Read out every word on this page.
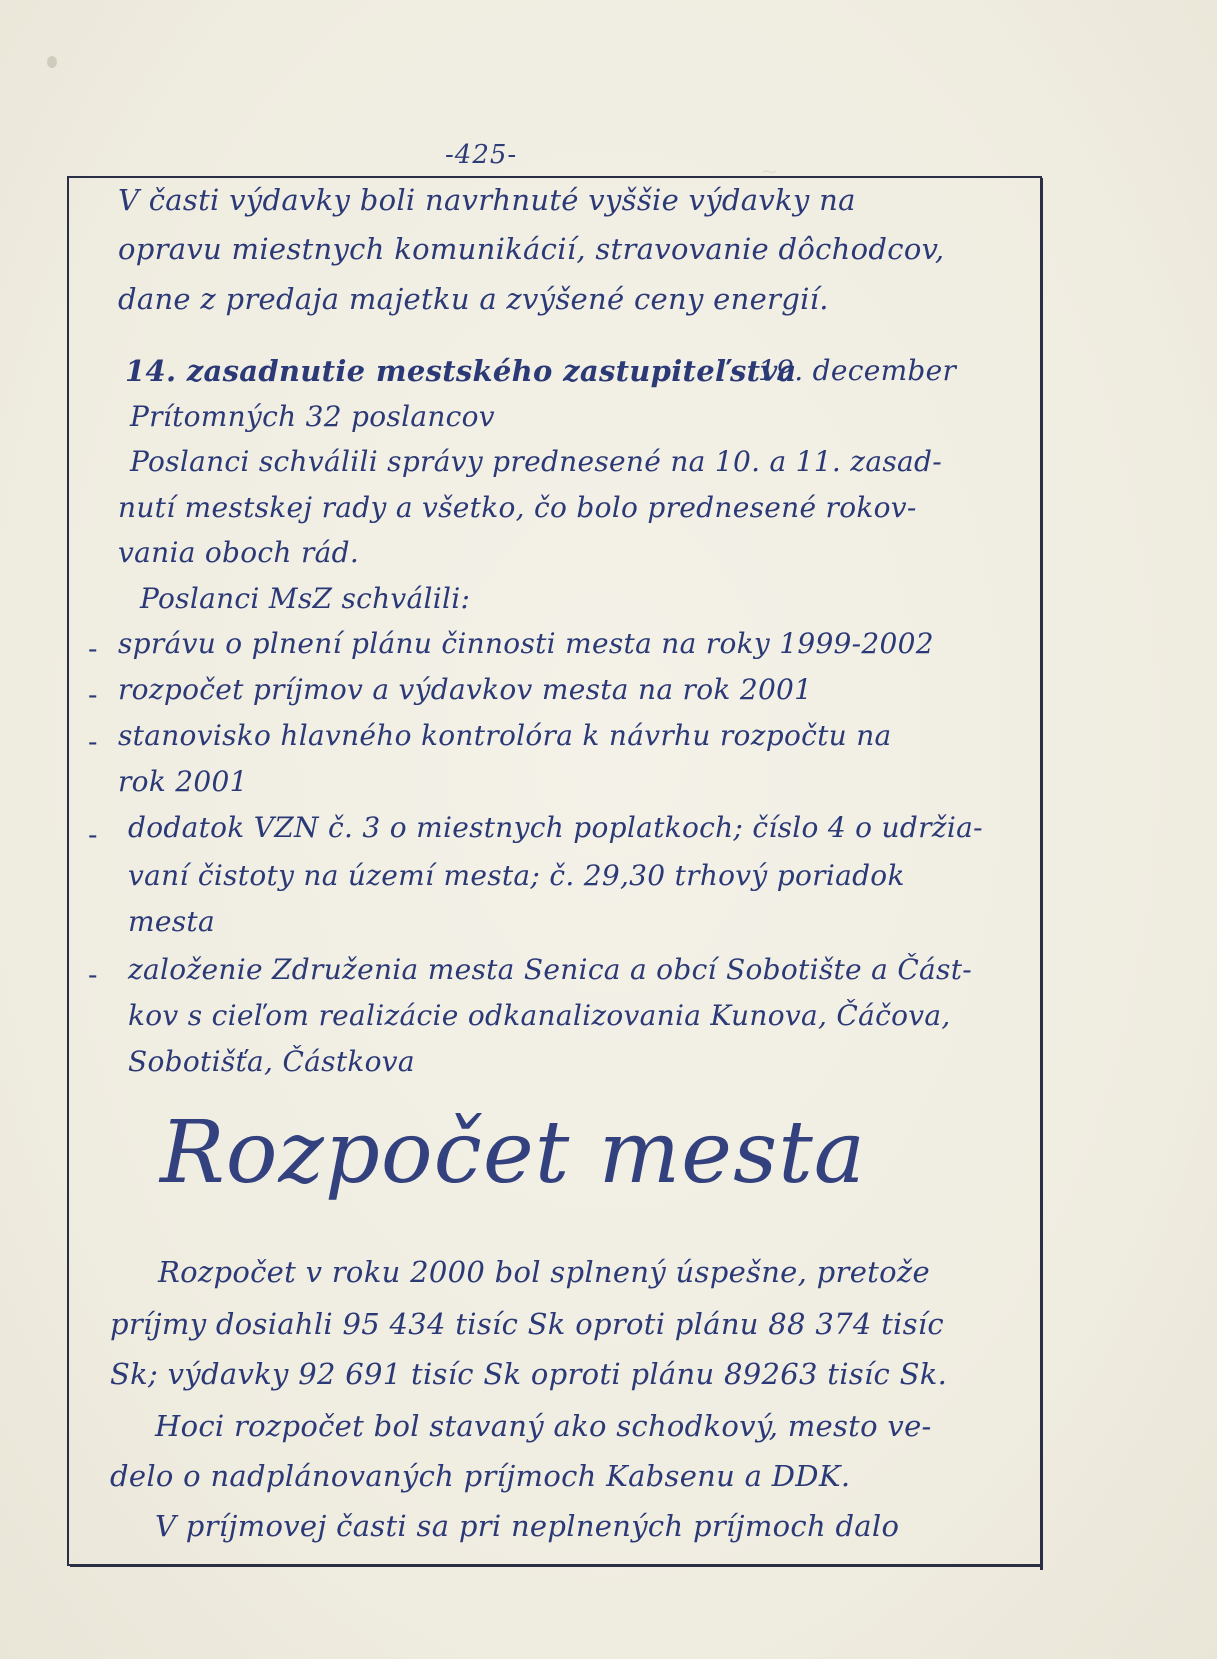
~
-425-
V časti výdavky boli navrhnuté vyššie výdavky na
opravu miestnych komunikácií, stravovanie dôchodcov,
dane z predaja majetku a zvýšené ceny energií.
14. zasadnutie mestského zastupiteľstva
19. december
Prítomných 32 poslancov
Poslanci schválili správy prednesené na 10. a 11. zasad-
nutí mestskej rady a všetko, čo bolo prednesené rokov-
vania obоch rád.
Poslanci MsZ schválili:
- správu o plnení plánu činnosti mesta na roky 1999-2002
- rozpočet príjmov a výdavkov mesta na rok 2001
- stanovisko hlavného kontrolóra k návrhu rozpočtu na
rok 2001
- dodatok VZN č. 3 o miestnych poplatkoch; číslo 4 o udržia-
vaní čistoty na území mesta; č. 29,30 trhový poriadok
mesta
- založenie Združenia mesta Senica a obcí Sobotište a Část-
kov s cieľom realizácie odkanalizovania Kunova, Čáčova,
Sobotišťa, Částkova
Rozpočet mesta
Rozpočet v roku 2000 bol splnený úspešne, pretože
príjmy dosiahli 95 434 tisíc Sk oproti plánu 88 374 tisíc
Sk; výdavky 92 691 tisíc Sk oproti plánu 89263 tisíc Sk.
Hoci rozpočet bol stavaný ako schodkový, mesto ve-
delo o nadplánovaných príjmoch Kabsenu a DDK.
V príjmovej časti sa pri neplnených príjmoch dalo
